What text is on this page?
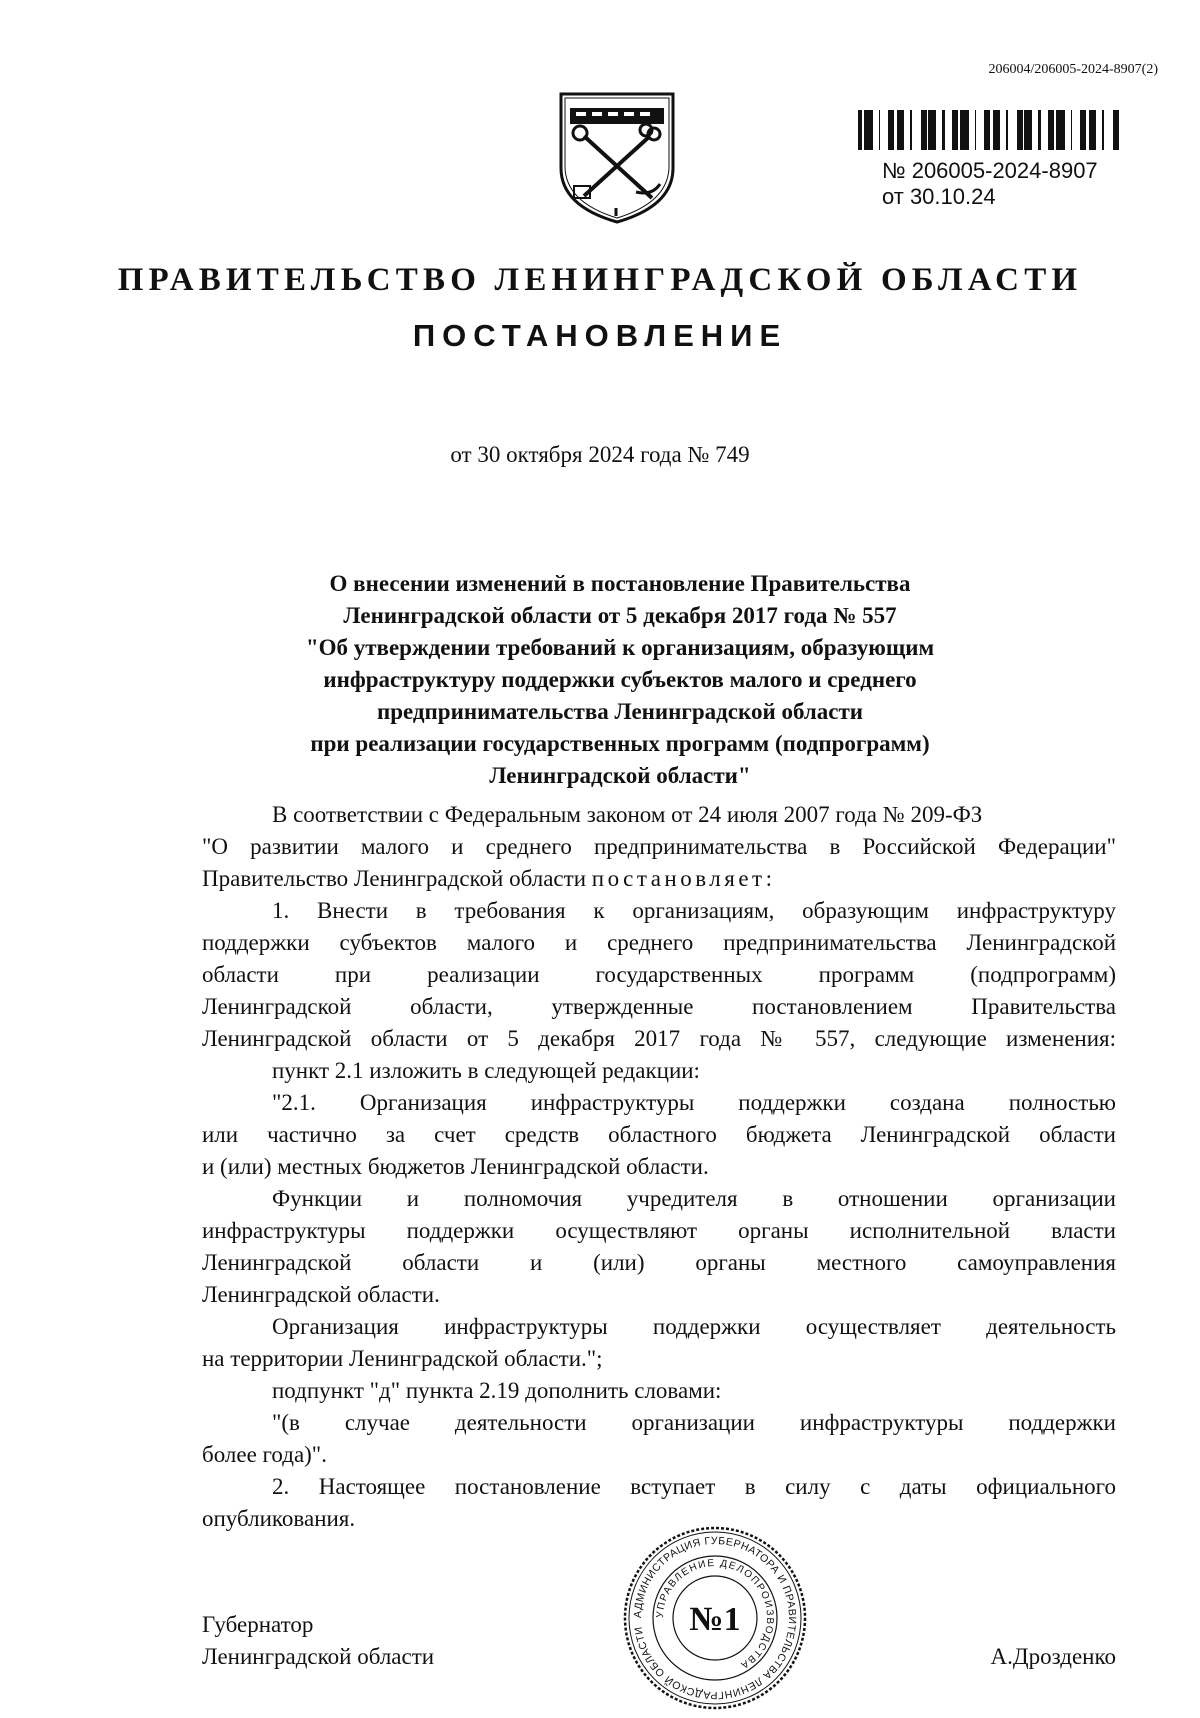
206004/206005-2024-8907(2)
№ 206005-2024-8907
от 30.10.24
ПРАВИТЕЛЬСТВО ЛЕНИНГРАДСКОЙ ОБЛАСТИ
ПОСТАНОВЛЕНИЕ
от 30 октября 2024 года № 749
О внесении изменений в постановление Правительства
Ленинградской области от 5 декабря 2017 года № 557
"Об утверждении требований к организациям, образующим
инфраструктуру поддержки субъектов малого и среднего
предпринимательства Ленинградской области
при реализации государственных программ (подпрограмм)
Ленинградской области"

В соответствии с Федеральным законом от 24 июля 2007 года № 209-ФЗ

"О развитии малого и среднего предпринимательства в Российской Федерации"

Правительство Ленинградской области постановляет:

1. Внести в требования к организациям, образующим инфраструктуру

поддержки субъектов малого и среднего предпринимательства Ленинградской

области при реализации государственных программ (подпрограмм)

Ленинградской области, утвержденные постановлением Правительства

Ленинградской области от 5 декабря 2017 года № 557, следующие изменения:

пункт 2.1 изложить в следующей редакции:

"2.1. Организация инфраструктуры поддержки создана полностью

или частично за счет средств областного бюджета Ленинградской области

и (или) местных бюджетов Ленинградской области.

Функции и полномочия учредителя в отношении организации

инфраструктуры поддержки осуществляют органы исполнительной власти

Ленинградской области и (или) органы местного самоуправления

Ленинградской области.

Организация инфраструктуры поддержки осуществляет деятельность

на территории Ленинградской области.";

подпункт "д" пункта 2.19 дополнить словами:

"(в случае деятельности организации инфраструктуры поддержки

более года)".

2. Настоящее постановление вступает в силу с даты официального

опубликования.

Губернатор
Ленинградской области	А.Дрозденко
АДМИНИСТРАЦИЯ ГУБЕРНАТОРА И ПРАВИТЕЛЬСТВА ЛЕНИНГРАДСКОЙ ОБЛАСТИ
УПРАВЛЕНИЕ ДЕЛОПРОИЗВОДСТВА
№1
